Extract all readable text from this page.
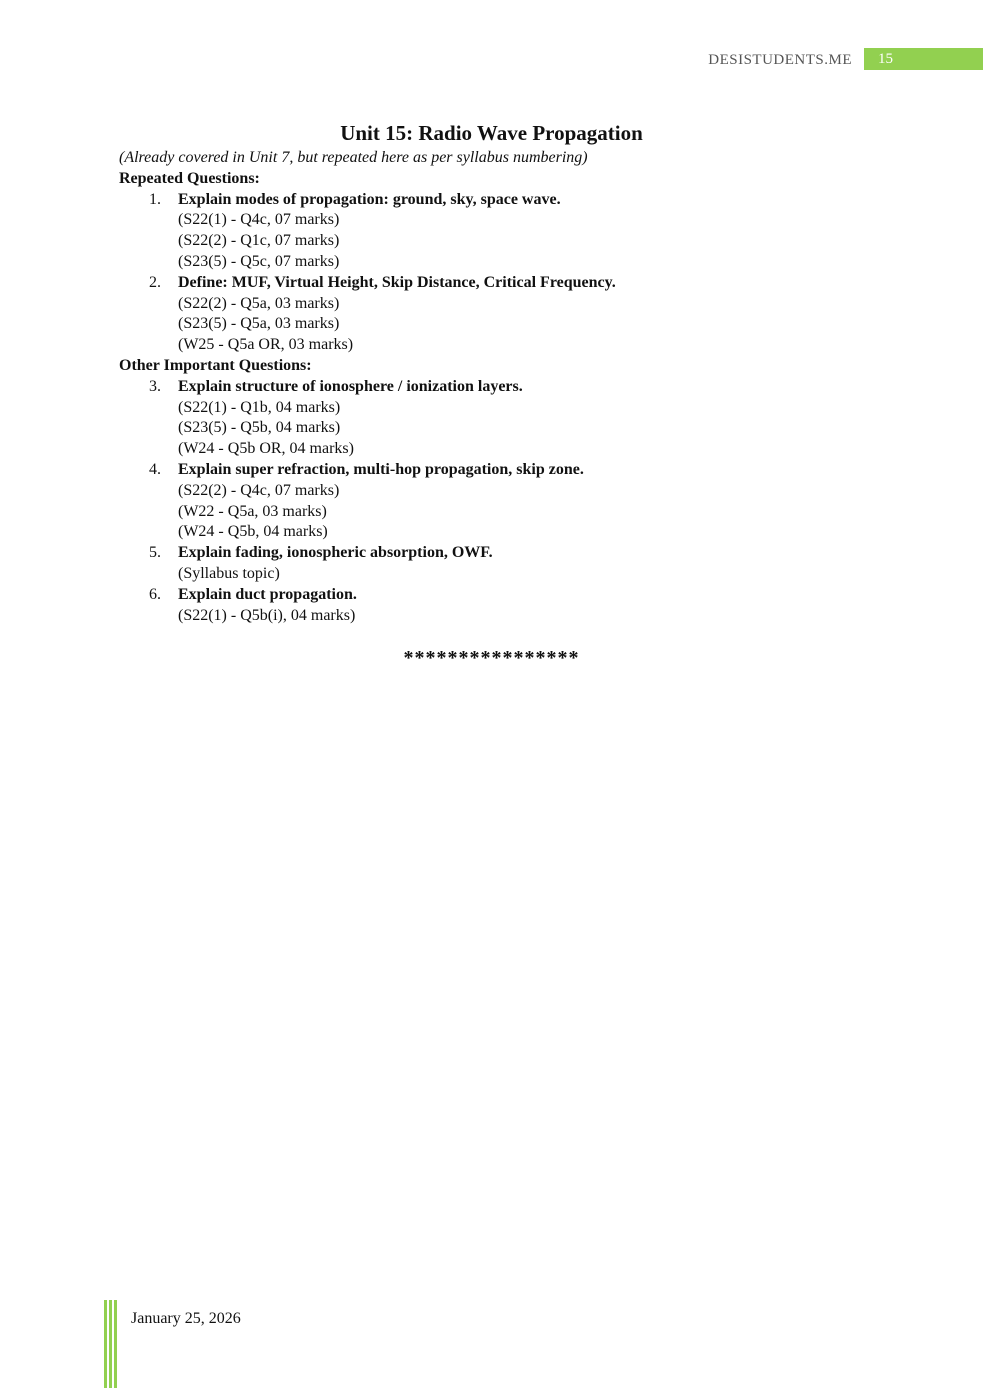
DESISTUDENTS.ME	15
Unit 15: Radio Wave Propagation
(Already covered in Unit 7, but repeated here as per syllabus numbering)
Repeated Questions:
1. Explain modes of propagation: ground, sky, space wave.
(S22(1) - Q4c, 07 marks)
(S22(2) - Q1c, 07 marks)
(S23(5) - Q5c, 07 marks)
2. Define: MUF, Virtual Height, Skip Distance, Critical Frequency.
(S22(2) - Q5a, 03 marks)
(S23(5) - Q5a, 03 marks)
(W25 - Q5a OR, 03 marks)
Other Important Questions:
3. Explain structure of ionosphere / ionization layers.
(S22(1) - Q1b, 04 marks)
(S23(5) - Q5b, 04 marks)
(W24 - Q5b OR, 04 marks)
4. Explain super refraction, multi-hop propagation, skip zone.
(S22(2) - Q4c, 07 marks)
(W22 - Q5a, 03 marks)
(W24 - Q5b, 04 marks)
5. Explain fading, ionospheric absorption, OWF.
(Syllabus topic)
6. Explain duct propagation.
(S22(1) - Q5b(i), 04 marks)
****************
January 25, 2026
